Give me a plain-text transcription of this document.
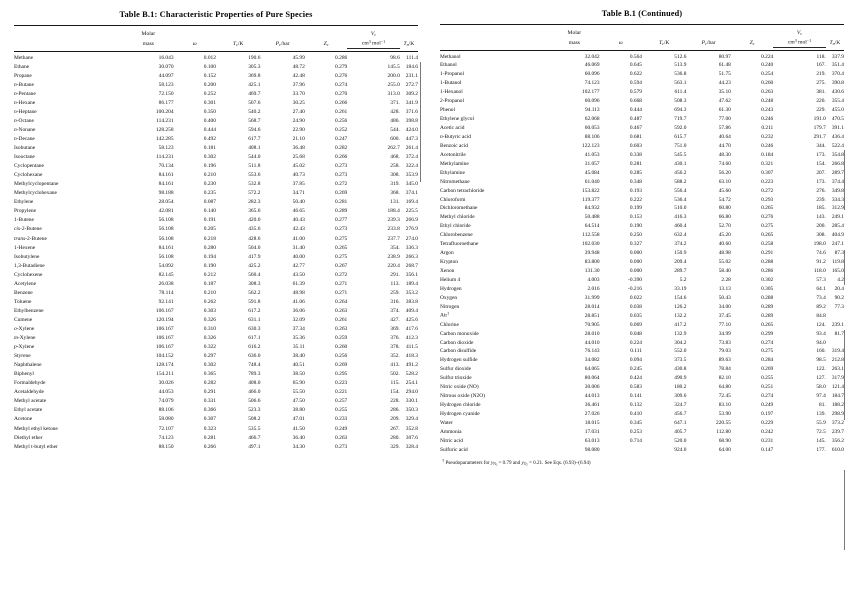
Table B.1: Characteristic Properties of Pure Species

	Molar					$V_c$	
	mass	ω	$T_c/K$	$P_c$/bar	$Z_c$	$cm^3$ mol$^{-1}$	$T_n/K$

Methane	16.043	0.012	190.6	45.99	0.286	98.6	111.4
Ethane	30.070	0.100	305.3	48.72	0.279	145.5	184.6
Propane	44.097	0.152	369.8	42.48	0.276	200.0	231.1
n-Butane	58.123	0.200	425.1	37.96	0.274	255.0	272.7
n-Pentane	72.150	0.252	469.7	33.70	0.270	313.0	309.2
n-Hexane	86.177	0.301	507.6	30.25	0.266	371.	341.9
n-Heptane	100.204	0.350	540.2	27.40	0.261	428.	371.6
n-Octane	114.231	0.400	568.7	24.90	0.256	486.	398.8
n-Nonane	128.258	0.444	594.6	22.90	0.252	544.	424.0
n-Decane	142.285	0.492	617.7	21.10	0.247	600.	447.3
Isobutane	58.123	0.181	408.1	36.48	0.282	262.7	261.4
Isooctane	114.231	0.302	544.0	25.68	0.266	468.	372.4
Cyclopentane	70.134	0.196	511.8	45.02	0.273	258.	322.4
Cyclohexane	84.161	0.210	553.6	40.73	0.273	308.	353.9
Methylcyclopentane	84.161	0.230	532.8	37.85	0.272	319.	345.0
Methylcyclohexane	98.188	0.235	572.2	34.71	0.269	368.	374.1
Ethylene	28.054	0.087	282.3	50.40	0.281	131.	169.4
Propylene	42.081	0.140	365.6	46.65	0.289	188.4	225.5
1-Butene	56.108	0.191	420.0	40.43	0.277	239.3	266.9
cis-2-Butene	56.108	0.205	435.6	42.43	0.273	233.8	276.9
trans-2-Butene	56.108	0.218	428.6	41.00	0.275	237.7	274.0
1-Hexene	84.161	0.280	504.0	31.40	0.265	354.	336.3
Isobutylene	56.108	0.194	417.9	40.00	0.275	238.9	266.3
1,3-Butadiene	54.092	0.190	425.2	42.77	0.267	220.4	268.7
Cyclohexene	82.145	0.212	560.4	43.50	0.272	291.	356.1
Acetylene	26.038	0.187	308.3	61.39	0.271	113.	189.4
Benzene	78.114	0.210	562.2	48.98	0.271	259.	353.2
Toluene	92.141	0.262	591.8	41.06	0.264	316.	383.8
Ethylbenzene	106.167	0.303	617.2	36.06	0.263	374.	409.4
Cumene	120.194	0.326	631.1	32.09	0.261	427.	425.6
o-Xylene	106.167	0.310	630.3	37.34	0.263	369.	417.6
m-Xylene	106.167	0.326	617.1	35.36	0.259	376.	412.3
p-Xylene	106.167	0.322	616.2	35.11	0.260	378.	411.5
Styrene	104.152	0.297	636.0	38.40	0.256	352.	418.3
Naphthalene	128.174	0.302	748.4	40.51	0.269	413.	491.2
Biphenyl	154.211	0.365	789.3	38.50	0.295	502.	528.2
Formaldehyde	30.026	0.282	408.0	65.90	0.223	115.	254.1
Acetaldehyde	44.053	0.291	466.0	55.50	0.221	154.	294.0
Methyl acetate	74.079	0.331	506.6	47.50	0.257	228.	330.1
Ethyl acetate	88.106	0.366	523.3	38.80	0.255	286.	350.3
Acetone	58.080	0.307	508.2	47.01	0.233	209.	329.4
Methyl ethyl ketone	72.107	0.323	535.5	41.50	0.249	267.	352.8
Diethyl ether	74.123	0.281	466.7	36.40	0.263	280.	307.6
Methyl t-butyl ether	88.150	0.266	497.1	34.30	0.273	329.	328.4
Table B.1 (Continued)

	Molar					$V_c$	
	mass	ω	$T_c/K$	$P_c$/bar	$Z_c$	$cm^3$ mol$^{-1}$	$T_n/K$

Methanol	32.042	0.564	512.6	80.97	0.224	118.	337.9
Ethanol	46.069	0.645	513.9	61.48	0.240	167.	351.4
1-Propanol	60.096	0.622	536.8	51.75	0.254	219.	370.4
1-Butanol	74.123	0.594	563.1	44.23	0.260	275.	390.8
1-Hexanol	102.177	0.579	611.4	35.10	0.263	381.	430.6
2-Propanol	60.096	0.668	508.3	47.62	0.248	220.	355.4
Phenol	94.113	0.444	694.3	61.30	0.243	229.	455.0
Ethylene glycol	62.068	0.487	719.7	77.00	0.246	191.0	470.5
Acetic acid	60.053	0.467	592.0	57.86	0.211	179.7	391.1
n-Butyric acid	88.106	0.681	615.7	40.64	0.232	291.7	436.4
Benzoic acid	122.123	0.603	751.0	44.70	0.246	344.	522.4
Acetonitrile	41.053	0.338	545.5	48.30	0.184	173.	354.8
Methylamine	31.057	0.281	430.1	74.60	0.321	154.	266.8
Ethylamine	45.084	0.285	456.2	56.20	0.307	207.	289.7
Nitromethane	61.040	0.348	588.2	63.10	0.223	173.	374.4
Carbon tetrachloride	153.822	0.193	556.4	45.60	0.272	276.	349.8
Chloroform	119.377	0.222	536.4	54.72	0.293	239.	334.3
Dichloromethane	84.932	0.199	510.0	60.80	0.265	185.	312.9
Methyl chloride	50.488	0.153	416.3	66.80	0.276	143.	249.1
Ethyl chloride	64.514	0.190	460.4	52.70	0.275	200.	285.4
Chlorobenzene	112.558	0.250	632.4	45.20	0.265	308.	404.9
Tetrafluoroethane	102.030	0.327	374.2	40.60	0.258	198.0	247.1
Argon	39.948	0.000	150.9	48.98	0.291	74.6	87.3
Krypton	83.800	0.000	209.4	55.02	0.288	91.2	119.8
Xenon	131.30	0.000	289.7	58.40	0.286	118.0	165.0
Helium 4	4.003	-0.390	5.2	2.28	0.302	57.3	4.2
Hydrogen	2.016	-0.216	33.19	13.13	0.305	64.1	20.4
Oxygen	31.999	0.022	154.6	50.43	0.288	73.4	90.2
Nitrogen	28.014	0.038	126.2	34.00	0.289	89.2	77.3
Air†	28.851	0.035	132.2	37.45	0.289	84.8	
Chlorine	70.905	0.069	417.2	77.10	0.265	124.	239.1
Carbon monoxide	28.010	0.048	132.9	34.99	0.299	93.4	81.7
Carbon dioxide	44.010	0.224	304.2	73.83	0.274	94.0	
Carbon disulfide	76.143	0.111	552.0	79.03	0.275	160.	319.4
Hydrogen sulfide	34.082	0.094	373.5	89.63	0.284	98.5	212.8
Sulfur dioxide	64.065	0.245	430.8	78.84	0.269	122.	263.1
Sulfur trioxide	80.064	0.424	490.9	82.10	0.255	127.	317.9
Nitric oxide (NO)	30.006	0.583	180.2	64.80	0.251	58.0	121.4
Nitrous oxide (N2O)	44.013	0.141	309.6	72.45	0.274	97.4	184.7
Hydrogen chloride	36.461	0.132	324.7	83.10	0.249	81.	188.2
Hydrogen cyanide	27.026	0.410	456.7	53.90	0.197	139.	298.9
Water	18.015	0.345	647.1	220.55	0.229	55.9	373.2
Ammonia	17.031	0.253	405.7	112.80	0.242	72.5	239.7
Nitric acid	63.013	0.714	520.0	68.90	0.231	145.	356.2
Sulfuric acid	98.080		924.0	64.00	0.147	177.	610.0
† Pseudoparameters for $y_{N_2} = 0.79$ and $y_{O_2} = 0.21$. See Eqs. (6.93)–(6.94)
